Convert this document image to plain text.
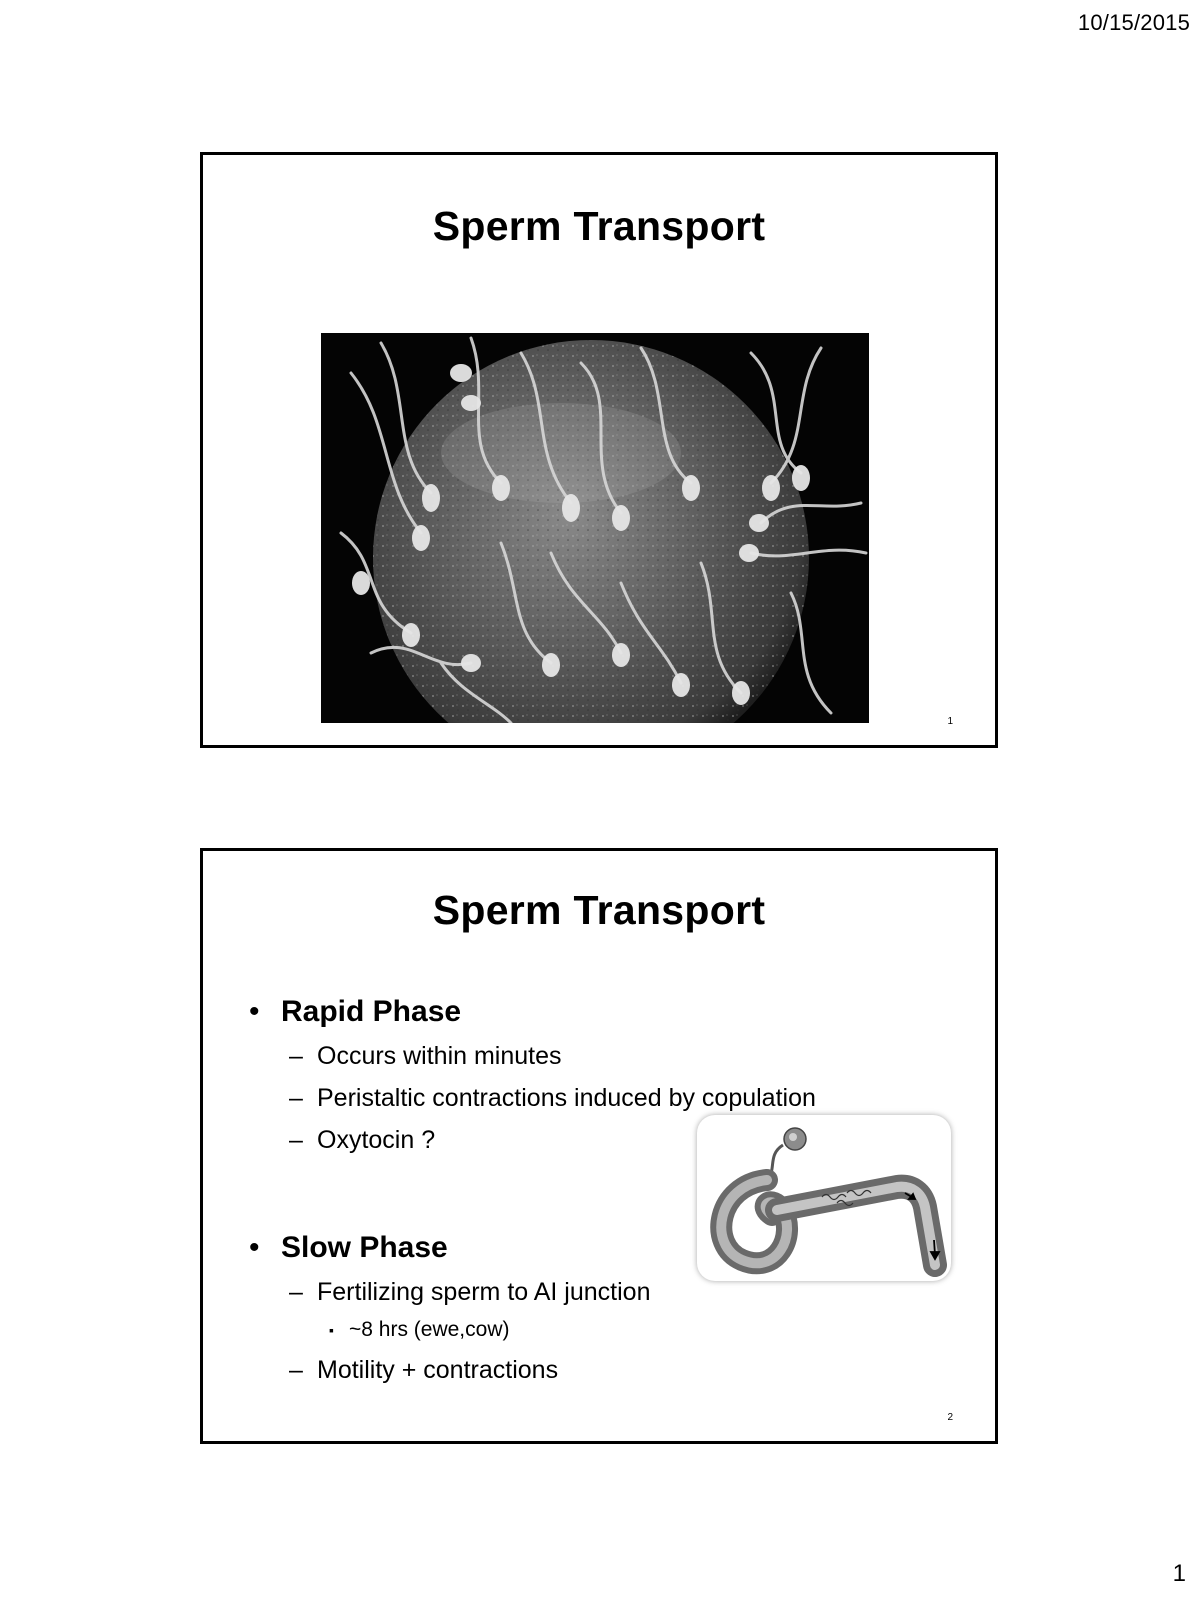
10/15/2015
Sperm Transport
1
Sperm Transport
• Rapid Phase
– Occurs within minutes
– Peristaltic contractions induced by copulation
– Oxytocin ?
• Slow Phase
– Fertilizing sperm to AI junction
▪ ~8 hrs (ewe,cow)
– Motility + contractions
2
1
